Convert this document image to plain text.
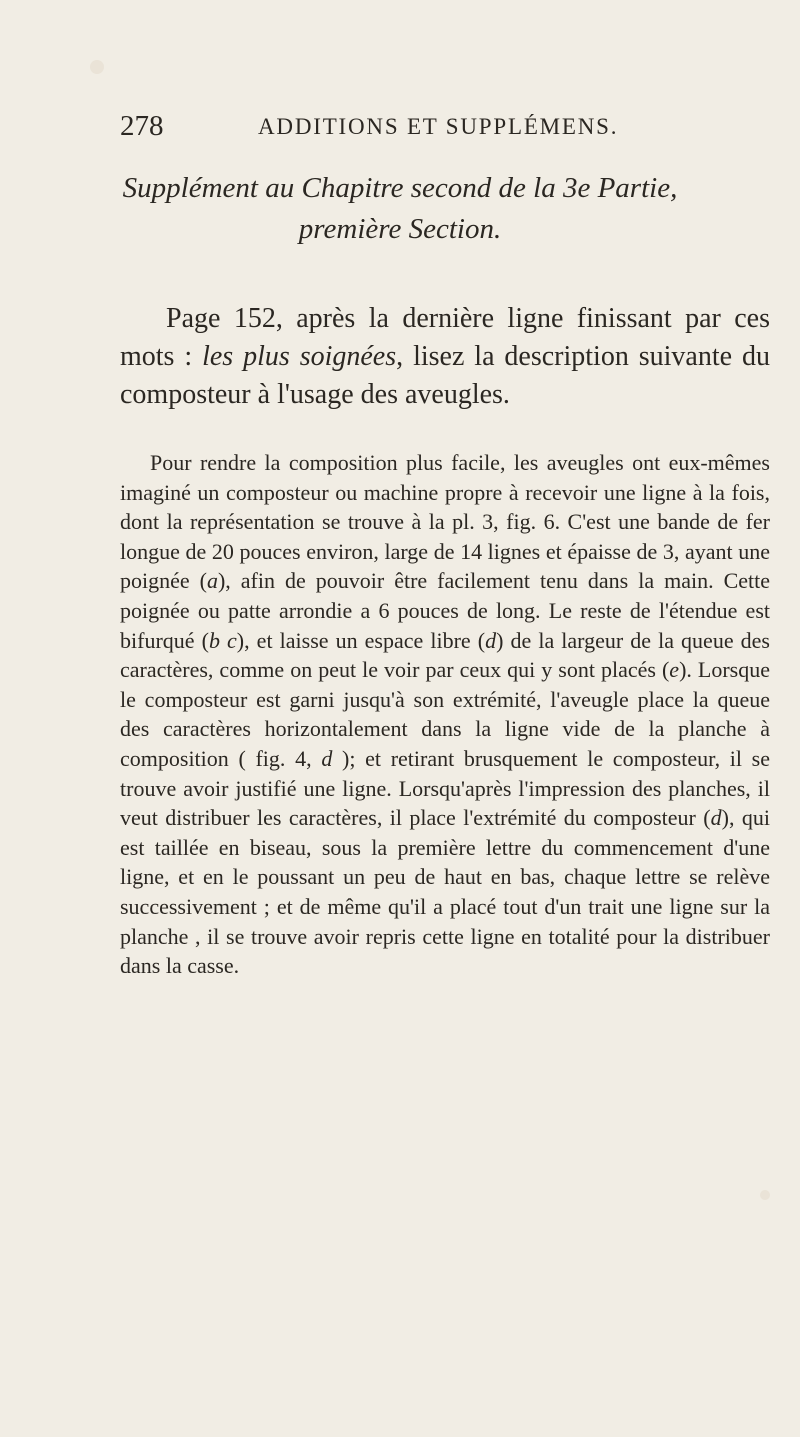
278	ADDITIONS ET SUPPLÉMENS.
Supplément au Chapitre second de la 3e Partie,
première Section.

Page 152, après la dernière ligne finissant par ces mots : les plus soignées, lisez la description suivante du composteur à l'usage des aveugles.

Pour rendre la composition plus facile, les aveugles ont eux-mêmes imaginé un composteur ou machine propre à recevoir une ligne à la fois, dont la représentation se trouve à la pl. 3, fig. 6. C'est une bande de fer longue de 20 pouces environ, large de 14 lignes et épaisse de 3, ayant une poignée (a), afin de pouvoir être facilement tenu dans la main. Cette poignée ou patte arrondie a 6 pouces de long. Le reste de l'étendue est bifurqué (b c), et laisse un espace libre (d) de la largeur de la queue des caractères, comme on peut le voir par ceux qui y sont placés (e). Lorsque le composteur est garni jusqu'à son extrémité, l'aveugle place la queue des caractères horizontalement dans la ligne vide de la planche à composition ( fig. 4, d ); et retirant brusquement le composteur, il se trouve avoir justifié une ligne. Lorsqu'après l'impression des planches, il veut distribuer les caractères, il place l'extrémité du composteur (d), qui est taillée en biseau, sous la première lettre du commencement d'une ligne, et en le poussant un peu de haut en bas, chaque lettre se relève successivement ; et de même qu'il a placé tout d'un trait une ligne sur la planche , il se trouve avoir repris cette ligne en totalité pour la distribuer dans la casse.
